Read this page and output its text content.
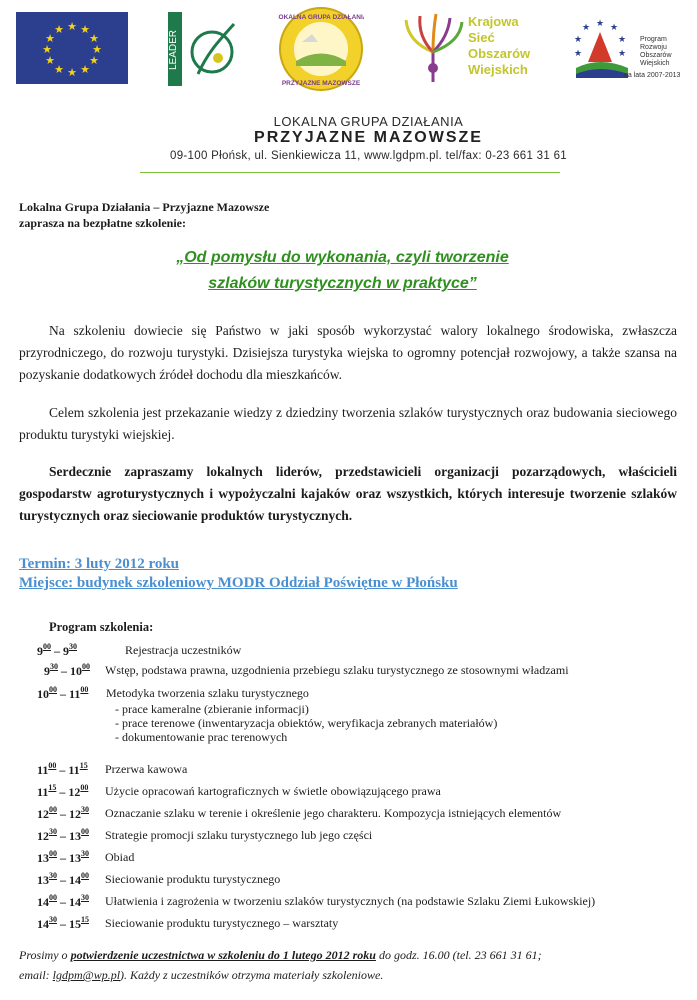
★ ★
★
★
★
★
★
★
★
★
★
★
LEADER
LOKALNA GRUPA DZIAŁANIA
PRZYJAZNE MAZOWSZE
Krajowa
Sieć
Obszarów
Wiejskich
★ ★
★
★
★
★
★
Program
Rozwoju
Obszarów
Wiejskich
na lata 2007-2013
LOKALNA GRUPA DZIAŁANIA
PRZYJAZNE MAZOWSZE
09-100 Płońsk, ul. Sienkiewicza 11, www.lgdpm.pl. tel/fax: 0-23 661 31 61
Lokalna Grupa Działania – Przyjazne Mazowsze
zaprasza na bezpłatne szkolenie:
„Od pomysłu do wykonania, czyli tworzenie
szlaków turystycznych w praktyce”
Na szkoleniu dowiecie się Państwo w jaki sposób wykorzystać walory lokalnego środowiska, zwłaszcza przyrodniczego, do rozwoju turystyki. Dzisiejsza turystyka wiejska to ogromny potencjał rozwojowy, a także szansa na pozyskanie dodatkowych źródeł dochodu dla mieszkańców.
Celem szkolenia jest przekazanie wiedzy z dziedziny tworzenia szlaków turystycznych oraz budowania sieciowego produktu turystyki wiejskiej.
Serdecznie zapraszamy lokalnych liderów, przedstawicieli organizacji pozarządowych, właścicieli gospodarstw agroturystycznych i wypożyczalni kajaków oraz wszystkich, których interesuje tworzenie szlaków turystycznych oraz sieciowanie produktów turystycznych.
Termin: 3 luty 2012 roku
Miejsce: budynek szkoleniowy MODR Oddział Poświętne w Płońsku
Program szkolenia:
$9^{00} - 9^{30}$	Rejestracja uczestników
$9^{30} - 10^{00}$ Wstęp, podstawa prawna, uzgodnienia przebiegu szlaku turystycznego ze stosownymi władzami
$10^{00} - 11^{00}$ Metodyka tworzenia szlaku turystycznego
$11^{00} - 11^{15}$ Przerwa kawowa
$11^{15} - 12^{00}$ Użycie opracowań kartograficznych w świetle obowiązującego prawa
$12^{00} - 12^{30}$ Oznaczanie szlaku w terenie i określenie jego charakteru. Kompozycja istniejących elementów
$12^{30} - 13^{00}$ Strategie promocji szlaku turystycznego lub jego części
$13^{00} - 13^{30}$ Obiad
$13^{30} - 14^{00}$ Sieciowanie produktu turystycznego
$14^{00} - 14^{30}$ Ułatwienia i zagrożenia w tworzeniu szlaków turystycznych (na podstawie Szlaku Ziemi Łukowskiej)
$14^{30} - 15^{15}$ Sieciowanie produktu turystycznego – warsztaty
- prace kameralne (zbieranie informacji)
- prace terenowe (inwentaryzacja obiektów, weryfikacja zebranych materiałów)
- dokumentowanie prac terenowych
Prosimy o potwierdzenie uczestnictwa w szkoleniu do 1 lutego 2012 roku do godz. 16.00 (tel. 23 661 31 61;
email: lgdpm@wp.pl). Każdy z uczestników otrzyma materiały szkoleniowe.
